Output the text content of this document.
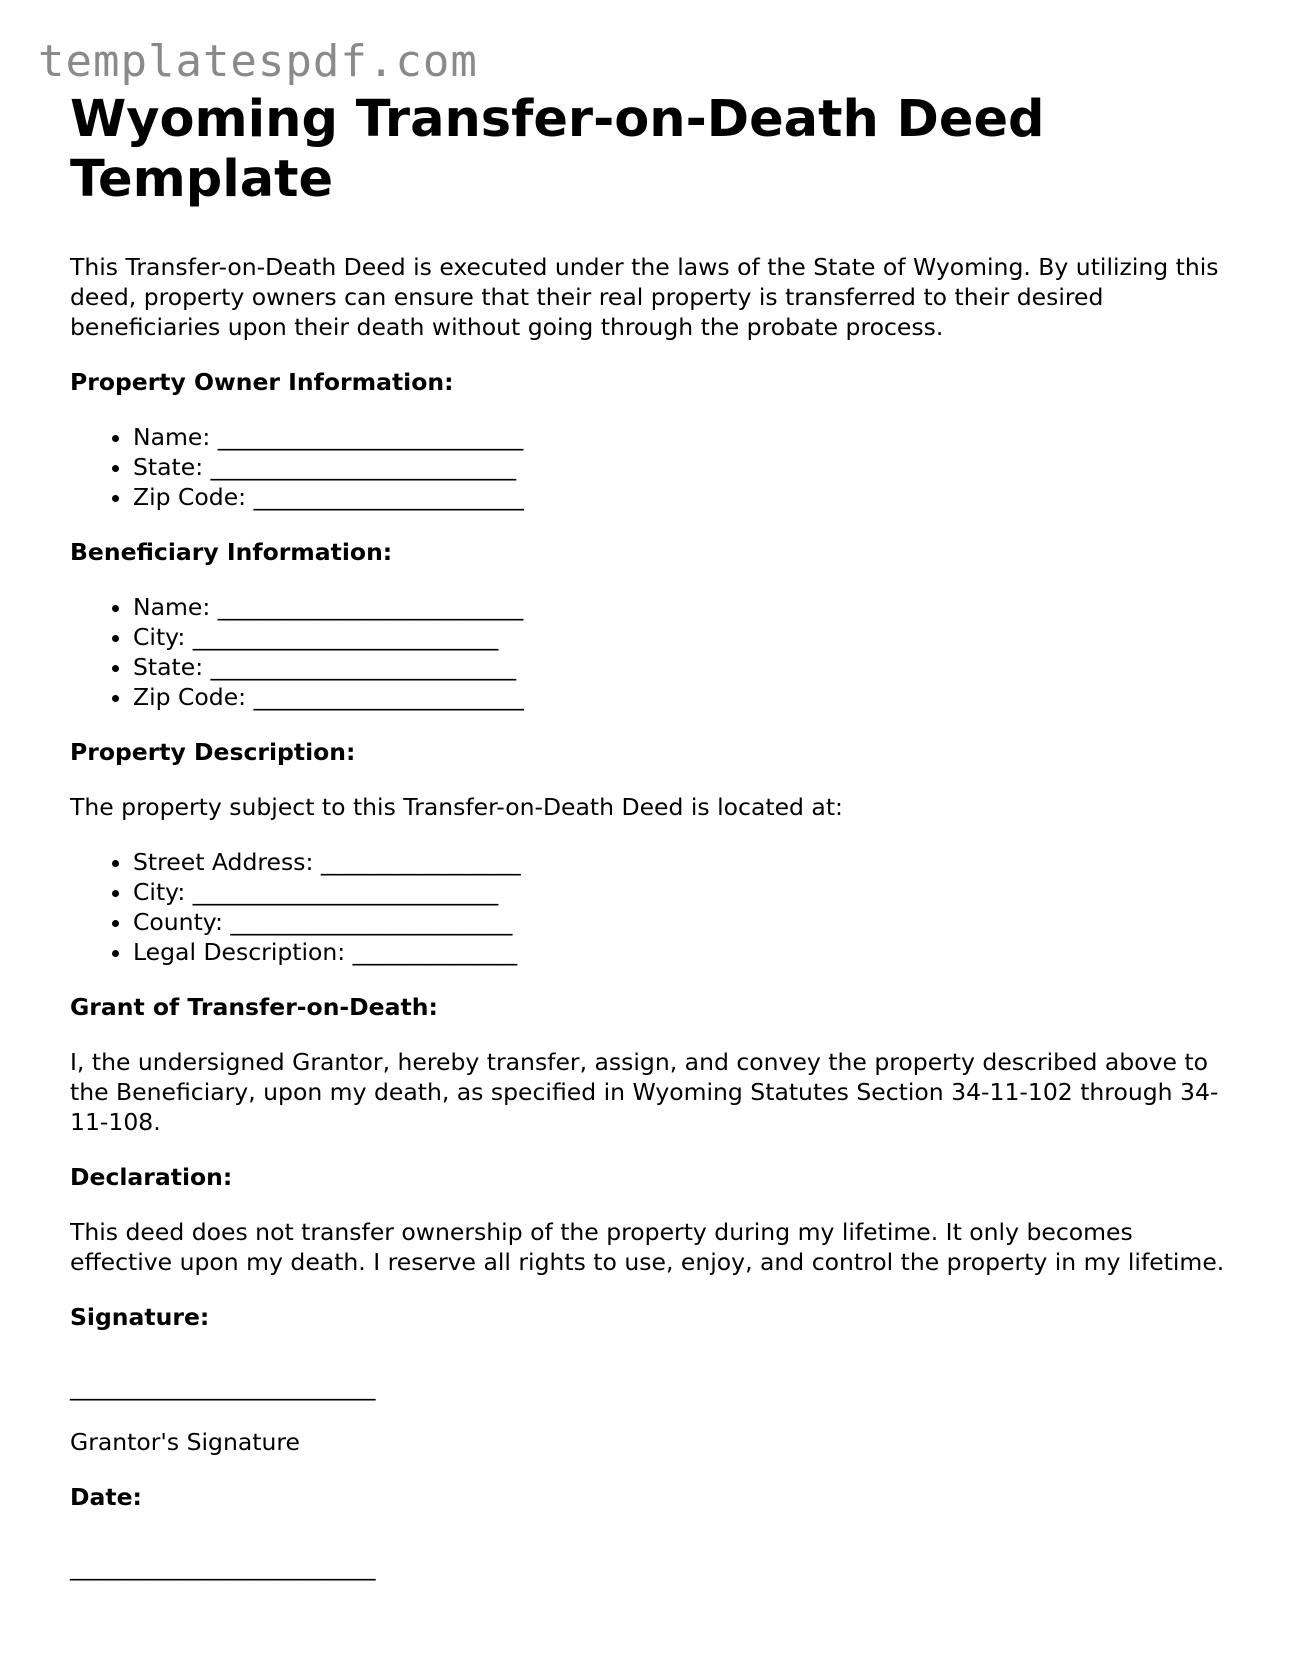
templatespdf.com
Wyoming Transfer-on-Death Deed
Template

This Transfer-on-Death Deed is executed under the laws of the State of Wyoming. By utilizing this deed, property owners can ensure that their real property is transferred to their desired beneficiaries upon their death without going through the probate process.

Property Owner Information:
• Name: __________________________
• State: __________________________
• Zip Code: _______________________
Beneficiary Information:
• Name: __________________________
• City: __________________________
• State: __________________________
• Zip Code: _______________________
Property Description:

The property subject to this Transfer-on-Death Deed is located at:

• Street Address: _________________
• City: __________________________
• County: ________________________
• Legal Description: ______________
Grant of Transfer-on-Death:

I, the undersigned Grantor, hereby transfer, assign, and convey the property described above to the Beneficiary, upon my death, as specified in Wyoming Statutes Section 34-11-102 through 34-11-108.

Declaration:

This deed does not transfer ownership of the property during my lifetime. It only becomes effective upon my death. I reserve all rights to use, enjoy, and control the property in my lifetime.

Signature:

__________________________

Grantor's Signature

Date:

__________________________
